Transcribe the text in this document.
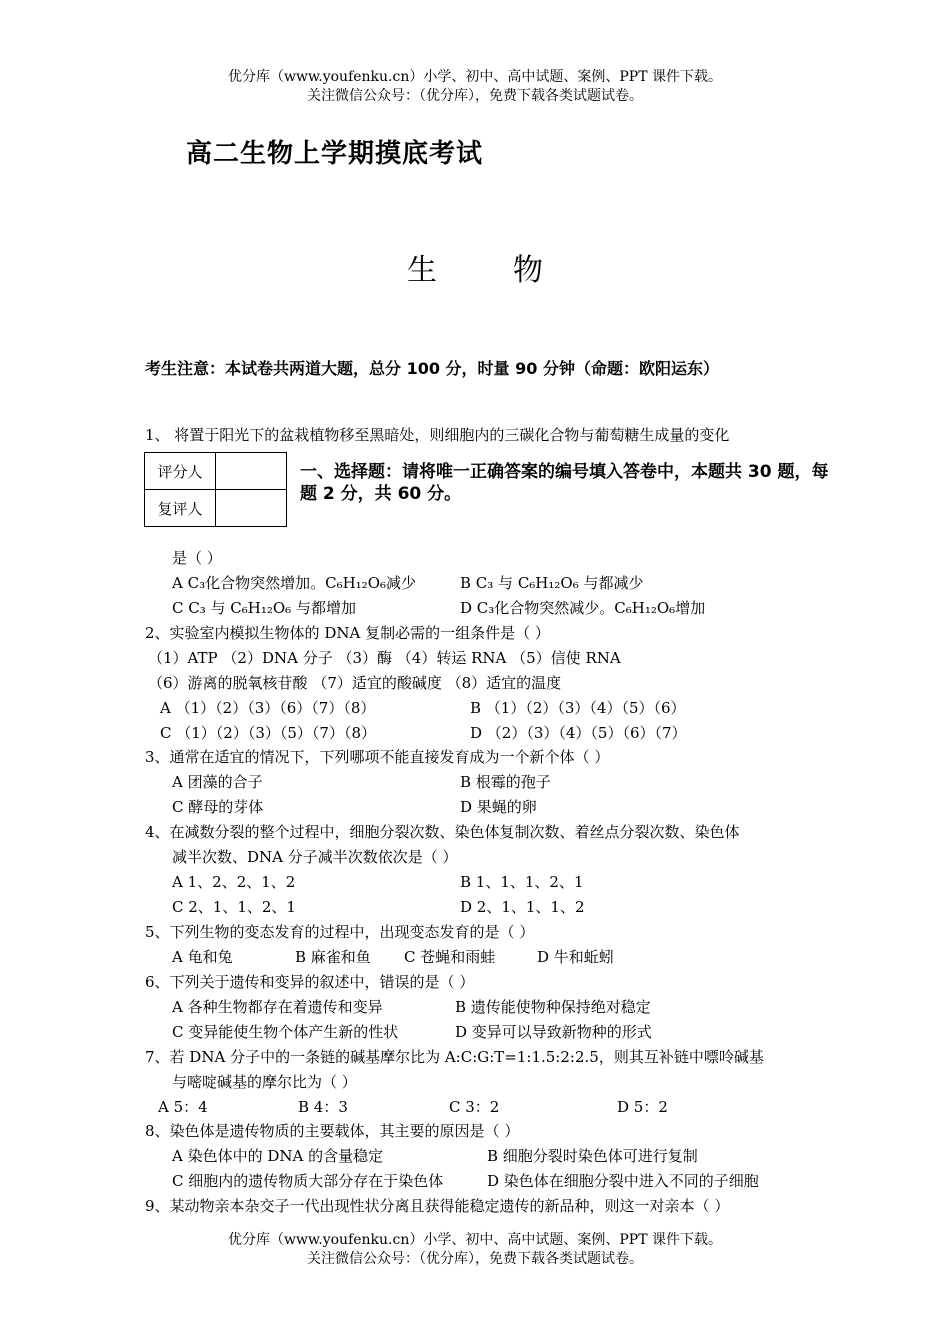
优分库（www.youfenku.cn）小学、初中、高中试题、案例、PPT 课件下载。
关注微信公众号：（优分库），免费下载各类试题试卷。
高二生物上学期摸底考试
生	物
考生注意：本试卷共两道大题，总分 100 分，时量 90 分钟（命题：欧阳运东）
1、 将置于阳光下的盆栽植物移至黑暗处，则细胞内的三碳化合物与葡萄糖生成量的变化
评分人	
复评人	
一、选择题：请将唯一正确答案的编号填入答卷中，本题共 30 题，每题 2 分，共 60 分。
是（ ）
A C₃化合物突然增加。C₆H₁₂O₆减少	B C₃ 与 C₆H₁₂O₆ 与都减少
C C₃ 与 C₆H₁₂O₆ 与都增加	D C₃化合物突然减少。C₆H₁₂O₆增加
2、实验室内模拟生物体的 DNA 复制必需的一组条件是（ ）
（1）ATP （2）DNA 分子 （3）酶 （4）转运 RNA （5）信使 RNA
（6）游离的脱氧核苷酸 （7）适宜的酸碱度 （8）适宜的温度
A （1）（2）（3）（6）（7）（8）	B （1）（2）（3）（4）（5）（6）
C （1）（2）（3）（5）（7）（8）	D （2）（3）（4）（5）（6）（7）
3、通常在适宜的情况下，下列哪项不能直接发育成为一个新个体（ ）
A 团藻的合子	B 根霉的孢子
C 酵母的芽体	D 果蝇的卵
4、在减数分裂的整个过程中，细胞分裂次数、染色体复制次数、着丝点分裂次数、染色体
减半次数、DNA 分子减半次数依次是（ ）
A 1、2、2、1、2	B 1、1、1、2、1
C 2、1、1、2、1	D 2、1、1、1、2
5、下列生物的变态发育的过程中，出现变态发育的是（ ）
A 龟和兔	B 麻雀和鱼 C 苍蝇和雨蛙	D 牛和蚯蚓
6、下列关于遗传和变异的叙述中，错误的是（ ）
A 各种生物都存在着遗传和变异	B 遗传能使物种保持绝对稳定
C 变异能使生物个体产生新的性状	D 变异可以导致新物种的形式
7、若 DNA 分子中的一条链的碱基摩尔比为 A:C:G:T=1:1.5:2:2.5，则其互补链中嘌呤碱基
与嘧啶碱基的摩尔比为（ ）
A 5：4	B 4：3	C 3：2	D 5：2
8、染色体是遗传物质的主要载体，其主要的原因是（ ）
A 染色体中的 DNA 的含量稳定	B 细胞分裂时染色体可进行复制
C 细胞内的遗传物质大部分存在于染色体	D 染色体在细胞分裂中进入不同的子细胞
9、某动物亲本杂交子一代出现性状分离且获得能稳定遗传的新品种，则这一对亲本（ ）
优分库（www.youfenku.cn）小学、初中、高中试题、案例、PPT 课件下载。
关注微信公众号：（优分库），免费下载各类试题试卷。
